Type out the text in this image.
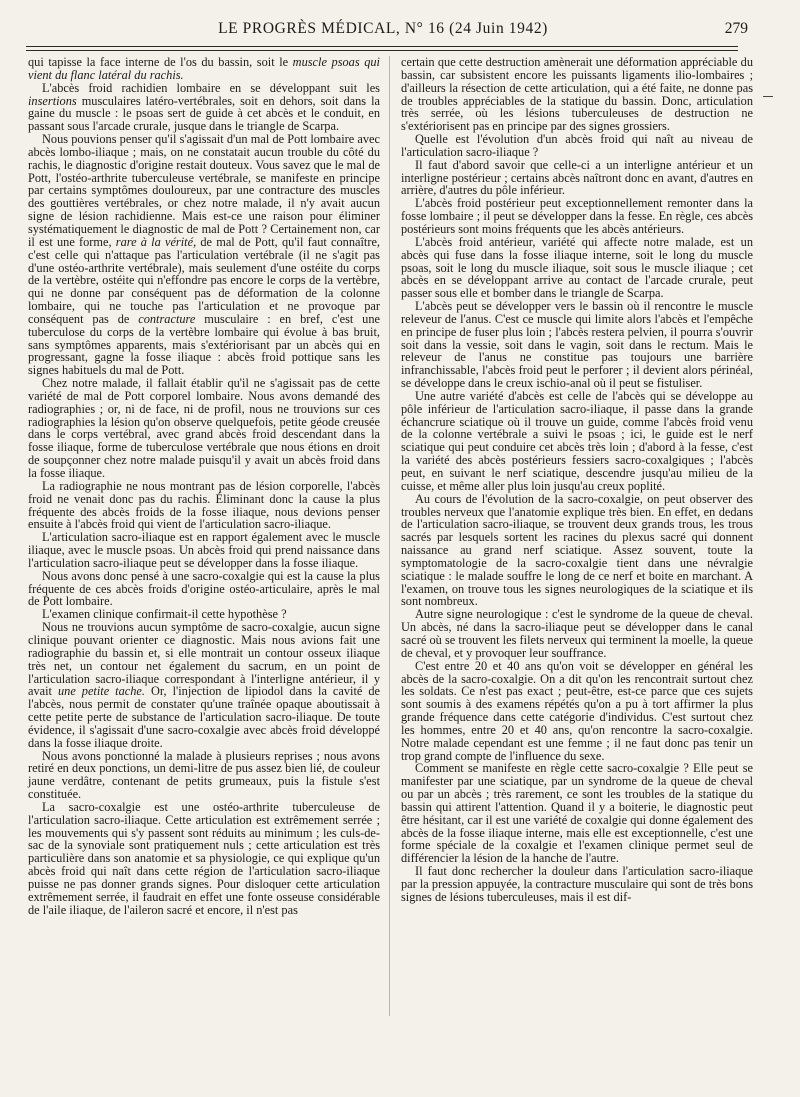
LE PROGRÈS MÉDICAL, N° 16 (24 Juin 1942)	279

qui tapisse la face interne de l'os du bassin, soit le muscle psoas qui vient du flanc latéral du rachis.

L'abcès froid rachidien lombaire en se développant suit les insertions musculaires latéro-vertébrales, soit en dehors, soit dans la gaine du muscle : le psoas sert de guide à cet abcès et le conduit, en passant sous l'arcade crurale, jusque dans le triangle de Scarpa.

Nous pouvions penser qu'il s'agissait d'un mal de Pott lombaire avec abcès lombo-iliaque ; mais, on ne constatait aucun trouble du côté du rachis, le diagnostic d'origine restait douteux. Vous savez que le mal de Pott, l'ostéo-arthrite tuberculeuse vertébrale, se manifeste en principe par certains symptômes douloureux, par une contracture des muscles des gouttières vertébrales, or chez notre malade, il n'y avait aucun signe de lésion rachidienne. Mais est-ce une raison pour éliminer systématiquement le diagnostic de mal de Pott ? Certainement non, car il est une forme, rare à la vérité, de mal de Pott, qu'il faut connaître, c'est celle qui n'attaque pas l'articulation vertébrale (il ne s'agit pas d'une ostéo-arthrite vertébrale), mais seulement d'une ostéite du corps de la vertèbre, ostéite qui n'effondre pas encore le corps de la vertèbre, qui ne donne par conséquent pas de déformation de la colonne lombaire, qui ne touche pas l'articulation et ne provoque par conséquent pas de contracture musculaire : en bref, c'est une tuberculose du corps de la vertèbre lombaire qui évolue à bas bruit, sans symptômes apparents, mais s'extériorisant par un abcès qui en progressant, gagne la fosse iliaque : abcès froid pottique sans les signes habituels du mal de Pott.

Chez notre malade, il fallait établir qu'il ne s'agissait pas de cette variété de mal de Pott corporel lombaire. Nous avons demandé des radiographies ; or, ni de face, ni de profil, nous ne trouvions sur ces radiographies la lésion qu'on observe quelquefois, petite géode creusée dans le corps vertébral, avec grand abcès froid descendant dans la fosse iliaque, forme de tuberculose vertébrale que nous étions en droit de soupçonner chez notre malade puisqu'il y avait un abcès froid dans la fosse iliaque.

La radiographie ne nous montrant pas de lésion corporelle, l'abcès froid ne venait donc pas du rachis. Éliminant donc la cause la plus fréquente des abcès froids de la fosse iliaque, nous devions penser ensuite à l'abcès froid qui vient de l'articulation sacro-iliaque.

L'articulation sacro-iliaque est en rapport également avec le muscle iliaque, avec le muscle psoas. Un abcès froid qui prend naissance dans l'articulation sacro-iliaque peut se développer dans la fosse iliaque.

Nous avons donc pensé à une sacro-coxalgie qui est la cause la plus fréquente de ces abcès froids d'origine ostéo-articulaire, après le mal de Pott lombaire.

L'examen clinique confirmait-il cette hypothèse ?

Nous ne trouvions aucun symptôme de sacro-coxalgie, aucun signe clinique pouvant orienter ce diagnostic. Mais nous avions fait une radiographie du bassin et, si elle montrait un contour osseux iliaque très net, un contour net également du sacrum, en un point de l'articulation sacro-iliaque correspondant à l'interligne antérieur, il y avait une petite tache. Or, l'injection de lipiodol dans la cavité de l'abcès, nous permit de constater qu'une traînée opaque aboutissait à cette petite perte de substance de l'articulation sacro-iliaque. De toute évidence, il s'agissait d'une sacro-coxalgie avec abcès froid développé dans la fosse iliaque droite.

Nous avons ponctionné la malade à plusieurs reprises ; nous avons retiré en deux ponctions, un demi-litre de pus assez bien lié, de couleur jaune verdâtre, contenant de petits grumeaux, puis la fistule s'est constituée.

La sacro-coxalgie est une ostéo-arthrite tuberculeuse de l'articulation sacro-iliaque. Cette articulation est extrêmement serrée ; les mouvements qui s'y passent sont réduits au minimum ; les culs-de-sac de la synoviale sont pratiquement nuls ; cette articulation est très particulière dans son anatomie et sa physiologie, ce qui explique qu'un abcès froid qui naît dans cette région de l'articulation sacro-iliaque puisse ne pas donner grands signes. Pour disloquer cette articulation extrêmement serrée, il faudrait en effet une fonte osseuse considérable de l'aile iliaque, de l'aileron sacré et encore, il n'est pas

certain que cette destruction amènerait une déformation appréciable du bassin, car subsistent encore les puissants ligaments ilio-lombaires ; d'ailleurs la résection de cette articulation, qui a été faite, ne donne pas de troubles appréciables de la statique du bassin. Donc, articulation très serrée, où les lésions tuberculeuses de destruction ne s'extériorisent pas en principe par des signes grossiers.

Quelle est l'évolution d'un abcès froid qui naît au niveau de l'articulation sacro-iliaque ?

Il faut d'abord savoir que celle-ci a un interligne antérieur et un interligne postérieur ; certains abcès naîtront donc en avant, d'autres en arrière, d'autres du pôle inférieur.

L'abcès froid postérieur peut exceptionnellement remonter dans la fosse lombaire ; il peut se développer dans la fesse. En règle, ces abcès postérieurs sont moins fréquents que les abcès antérieurs.

L'abcès froid antérieur, variété qui affecte notre malade, est un abcès qui fuse dans la fosse iliaque interne, soit le long du muscle psoas, soit le long du muscle iliaque, soit sous le muscle iliaque ; cet abcès en se développant arrive au contact de l'arcade crurale, peut passer sous elle et bomber dans le triangle de Scarpa.

L'abcès peut se développer vers le bassin où il rencontre le muscle releveur de l'anus. C'est ce muscle qui limite alors l'abcès et l'empêche en principe de fuser plus loin ; l'abcès restera pelvien, il pourra s'ouvrir soit dans la vessie, soit dans le vagin, soit dans le rectum. Mais le releveur de l'anus ne constitue pas toujours une barrière infranchissable, l'abcès froid peut le perforer ; il devient alors périnéal, se développe dans le creux ischio-anal où il peut se fistuliser.

Une autre variété d'abcès est celle de l'abcès qui se développe au pôle inférieur de l'articulation sacro-iliaque, il passe dans la grande échancrure sciatique où il trouve un guide, comme l'abcès froid venu de la colonne vertébrale a suivi le psoas ; ici, le guide est le nerf sciatique qui peut conduire cet abcès très loin ; d'abord à la fesse, c'est la variété des abcès postérieurs fessiers sacro-coxalgiques ; l'abcès peut, en suivant le nerf sciatique, descendre jusqu'au milieu de la cuisse, et même aller plus loin jusqu'au creux poplité.

Au cours de l'évolution de la sacro-coxalgie, on peut observer des troubles nerveux que l'anatomie explique très bien. En effet, en dedans de l'articulation sacro-iliaque, se trouvent deux grands trous, les trous sacrés par lesquels sortent les racines du plexus sacré qui donnent naissance au grand nerf sciatique. Assez souvent, toute la symptomatologie de la sacro-coxalgie tient dans une névralgie sciatique : le malade souffre le long de ce nerf et boite en marchant. A l'examen, on trouve tous les signes neurologiques de la sciatique et ils sont nombreux.

Autre signe neurologique : c'est le syndrome de la queue de cheval. Un abcès, né dans la sacro-iliaque peut se développer dans le canal sacré où se trouvent les filets nerveux qui terminent la moelle, la queue de cheval, et y provoquer leur souffrance.

C'est entre 20 et 40 ans qu'on voit se développer en général les abcès de la sacro-coxalgie. On a dit qu'on les rencontrait surtout chez les soldats. Ce n'est pas exact ; peut-être, est-ce parce que ces sujets sont soumis à des examens répétés qu'on a pu à tort affirmer la plus grande fréquence dans cette catégorie d'individus. C'est surtout chez les hommes, entre 20 et 40 ans, qu'on rencontre la sacro-coxalgie. Notre malade cependant est une femme ; il ne faut donc pas tenir un trop grand compte de l'influence du sexe.

Comment se manifeste en règle cette sacro-coxalgie ? Elle peut se manifester par une sciatique, par un syndrome de la queue de cheval ou par un abcès ; très rarement, ce sont les troubles de la statique du bassin qui attirent l'attention. Quand il y a boiterie, le diagnostic peut être hésitant, car il est une variété de coxalgie qui donne également des abcès de la fosse iliaque interne, mais elle est exceptionnelle, c'est une forme spéciale de la coxalgie et l'examen clinique permet seul de différencier la lésion de la hanche de l'autre.

Il faut donc rechercher la douleur dans l'articulation sacro-iliaque par la pression appuyée, la contracture musculaire qui sont de très bons signes de lésions tuberculeuses, mais il est dif-
